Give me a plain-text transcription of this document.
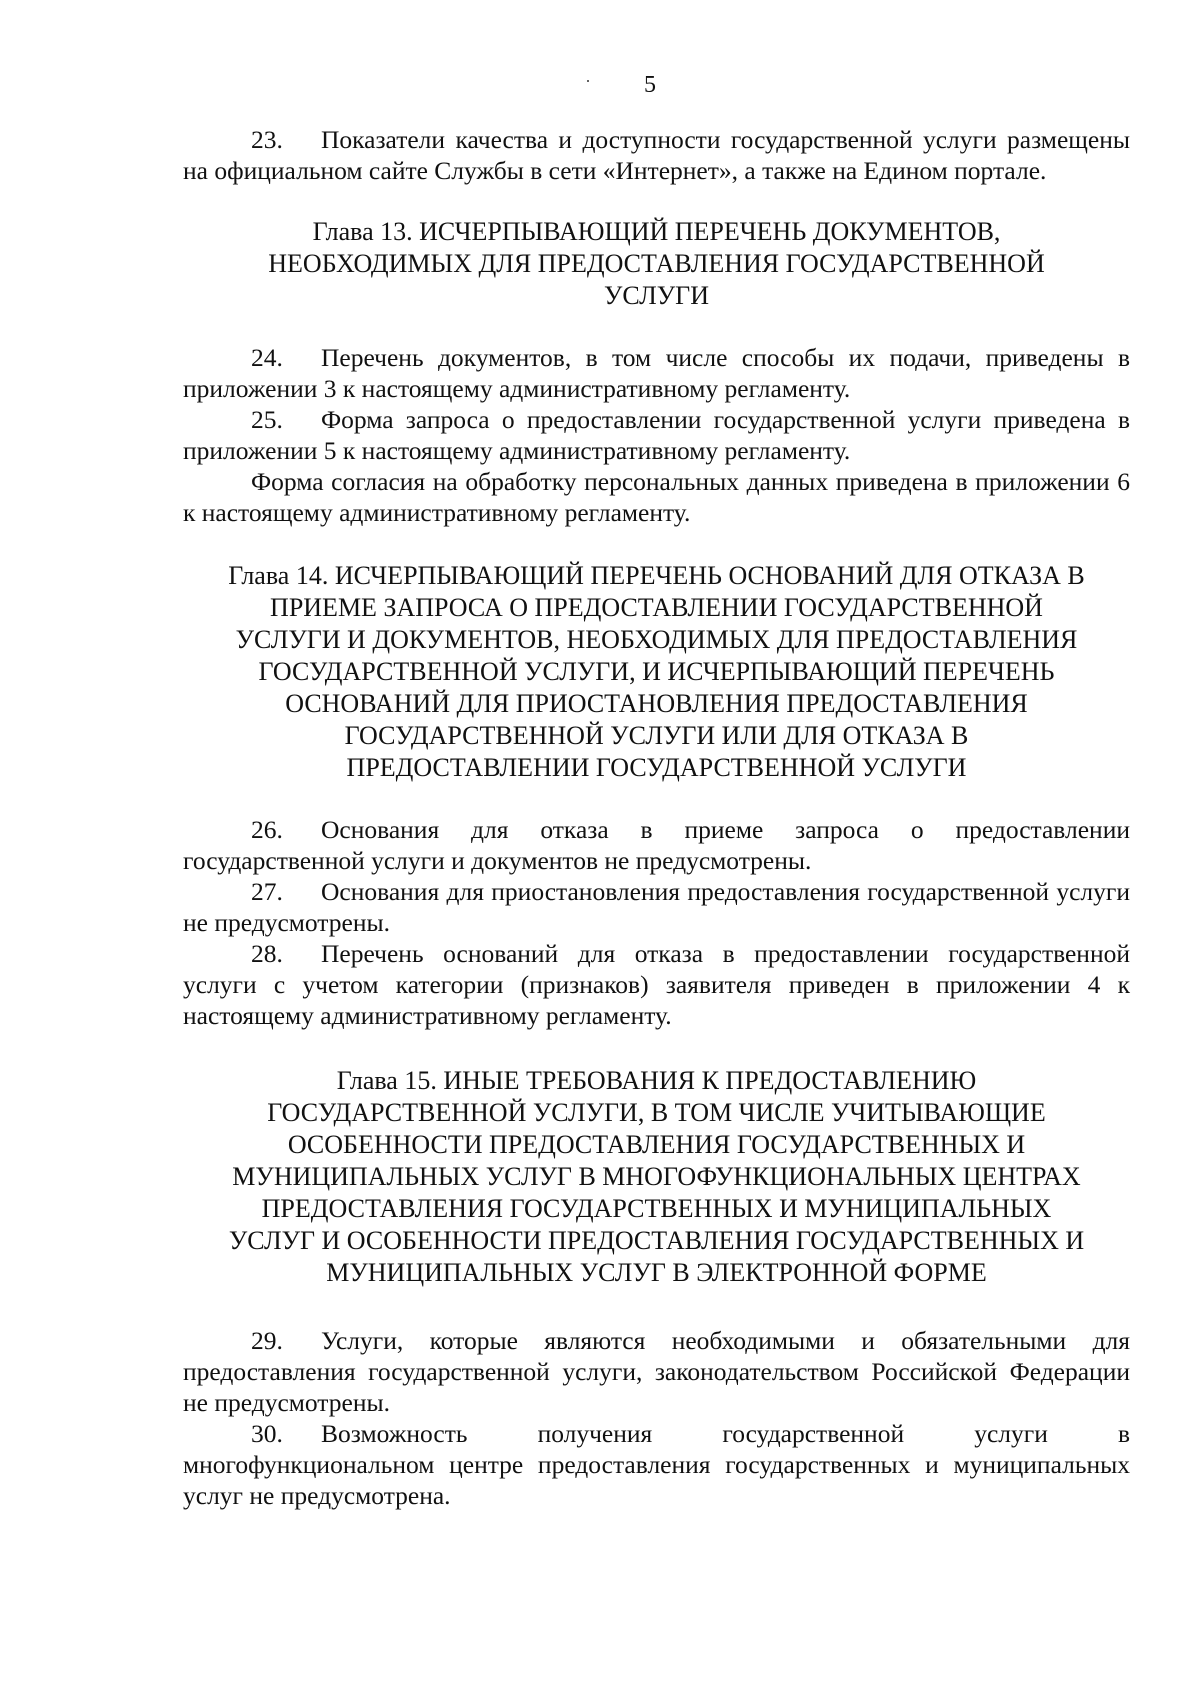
5

23. Показатели качества и доступности государственной услуги размещены на официальном сайте Службы в сети «Интернет», а также на Едином портале.

Глава 13. ИСЧЕРПЫВАЮЩИЙ ПЕРЕЧЕНЬ ДОКУМЕНТОВ,
НЕОБХОДИМЫХ ДЛЯ ПРЕДОСТАВЛЕНИЯ ГОСУДАРСТВЕННОЙ
УСЛУГИ

24. Перечень документов, в том числе способы их подачи, приведены в приложении 3 к настоящему административному регламенту.

25. Форма запроса о предоставлении государственной услуги приведена в приложении 5 к настоящему административному регламенту.

Форма согласия на обработку персональных данных приведена в приложении 6 к настоящему административному регламенту.

Глава 14. ИСЧЕРПЫВАЮЩИЙ ПЕРЕЧЕНЬ ОСНОВАНИЙ ДЛЯ ОТКАЗА В
ПРИЕМЕ ЗАПРОСА О ПРЕДОСТАВЛЕНИИ ГОСУДАРСТВЕННОЙ
УСЛУГИ И ДОКУМЕНТОВ, НЕОБХОДИМЫХ ДЛЯ ПРЕДОСТАВЛЕНИЯ
ГОСУДАРСТВЕННОЙ УСЛУГИ, И ИСЧЕРПЫВАЮЩИЙ ПЕРЕЧЕНЬ
ОСНОВАНИЙ ДЛЯ ПРИОСТАНОВЛЕНИЯ ПРЕДОСТАВЛЕНИЯ
ГОСУДАРСТВЕННОЙ УСЛУГИ ИЛИ ДЛЯ ОТКАЗА В
ПРЕДОСТАВЛЕНИИ ГОСУДАРСТВЕННОЙ УСЛУГИ

26. Основания для отказа в приеме запроса о предоставлении государственной услуги и документов не предусмотрены.

27. Основания для приостановления предоставления государственной услуги не предусмотрены.

28. Перечень оснований для отказа в предоставлении государственной услуги с учетом категории (признаков) заявителя приведен в приложении 4 к настоящему административному регламенту.

Глава 15. ИНЫЕ ТРЕБОВАНИЯ К ПРЕДОСТАВЛЕНИЮ
ГОСУДАРСТВЕННОЙ УСЛУГИ, В ТОМ ЧИСЛЕ УЧИТЫВАЮЩИЕ
ОСОБЕННОСТИ ПРЕДОСТАВЛЕНИЯ ГОСУДАРСТВЕННЫХ И
МУНИЦИПАЛЬНЫХ УСЛУГ В МНОГОФУНКЦИОНАЛЬНЫХ ЦЕНТРАХ
ПРЕДОСТАВЛЕНИЯ ГОСУДАРСТВЕННЫХ И МУНИЦИПАЛЬНЫХ
УСЛУГ И ОСОБЕННОСТИ ПРЕДОСТАВЛЕНИЯ ГОСУДАРСТВЕННЫХ И
МУНИЦИПАЛЬНЫХ УСЛУГ В ЭЛЕКТРОННОЙ ФОРМЕ

29. Услуги, которые являются необходимыми и обязательными для предоставления государственной услуги, законодательством Российской Федерации не предусмотрены.

30. Возможность получения государственной услуги в многофункциональном центре предоставления государственных и муниципальных услуг не предусмотрена.
